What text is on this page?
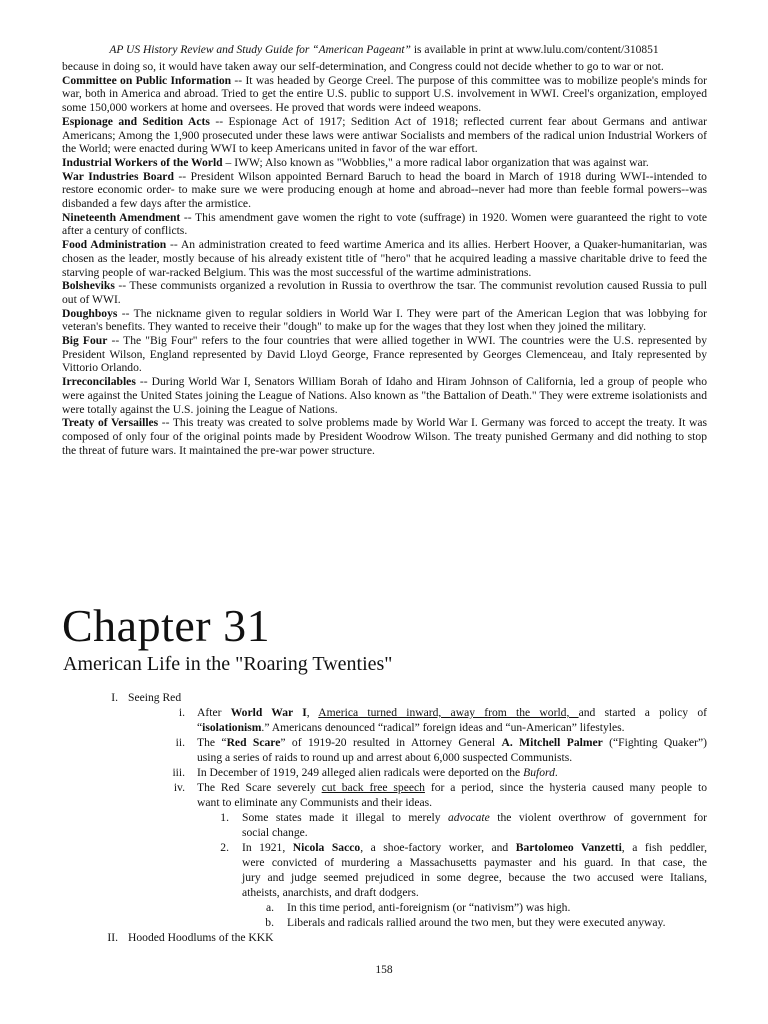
AP US History Review and Study Guide for “American Pageant” is available in print at www.lulu.com/content/310851

because in doing so, it would have taken away our self-determination, and Congress could not decide whether to go to war or not.

Committee on Public Information -- It was headed by George Creel. The purpose of this committee was to mobilize people's minds for war, both in America and abroad. Tried to get the entire U.S. public to support U.S. involvement in WWI. Creel's organization, employed some 150,000 workers at home and oversees. He proved that words were indeed weapons.

Espionage and Sedition Acts -- Espionage Act of 1917; Sedition Act of 1918; reflected current fear about Germans and antiwar Americans; Among the 1,900 prosecuted under these laws were antiwar Socialists and members of the radical union Industrial Workers of the World; were enacted during WWI to keep Americans united in favor of the war effort.

Industrial Workers of the World – IWW; Also known as "Wobblies," a more radical labor organization that was against war.

War Industries Board -- President Wilson appointed Bernard Baruch to head the board in March of 1918 during WWI--intended to restore economic order- to make sure we were producing enough at home and abroad--never had more than feeble formal powers--was disbanded a few days after the armistice.

Nineteenth Amendment -- This amendment gave women the right to vote (suffrage) in 1920. Women were guaranteed the right to vote after a century of conflicts.

Food Administration -- An administration created to feed wartime America and its allies. Herbert Hoover, a Quaker-humanitarian, was chosen as the leader, mostly because of his already existent title of "hero" that he acquired leading a massive charitable drive to feed the starving people of war-racked Belgium. This was the most successful of the wartime administrations.

Bolsheviks -- These communists organized a revolution in Russia to overthrow the tsar. The communist revolution caused Russia to pull out of WWI.

Doughboys -- The nickname given to regular soldiers in World War I. They were part of the American Legion that was lobbying for veteran's benefits. They wanted to receive their "dough" to make up for the wages that they lost when they joined the military.

Big Four -- The "Big Four" refers to the four countries that were allied together in WWI. The countries were the U.S. represented by President Wilson, England represented by David Lloyd George, France represented by Georges Clemenceau, and Italy represented by Vittorio Orlando.

Irreconcilables -- During World War I, Senators William Borah of Idaho and Hiram Johnson of California, led a group of people who were against the United States joining the League of Nations. Also known as "the Battalion of Death." They were extreme isolationists and were totally against the U.S. joining the League of Nations.

Treaty of Versailles -- This treaty was created to solve problems made by World War I. Germany was forced to accept the treaty. It was composed of only four of the original points made by President Woodrow Wilson. The treaty punished Germany and did nothing to stop the threat of future wars. It maintained the pre-war power structure.

Chapter 31
American Life in the "Roaring Twenties"
I. Seeing Red
i. After World War I, America turned inward, away from the world, and started a policy of
“isolationism.” Americans denounced “radical” foreign ideas and “un-American” lifestyles.
ii. The “Red Scare” of 1919-20 resulted in Attorney General A. Mitchell Palmer (“Fighting Quaker”)
using a series of raids to round up and arrest about 6,000 suspected Communists.
iii. In December of 1919, 249 alleged alien radicals were deported on the Buford.
iv. The Red Scare severely cut back free speech for a period, since the hysteria caused many people to
want to eliminate any Communists and their ideas.
1. Some states made it illegal to merely advocate the violent overthrow of government for
social change.
2. In 1921, Nicola Sacco, a shoe-factory worker, and Bartolomeo Vanzetti, a fish peddler,
were convicted of murdering a Massachusetts paymaster and his guard. In that case, the
jury and judge seemed prejudiced in some degree, because the two accused were Italians,
atheists, anarchists, and draft dodgers.
a. In this time period, anti-foreignism (or “nativism”) was high.
b. Liberals and radicals rallied around the two men, but they were executed anyway.
II. Hooded Hoodlums of the KKK
158
